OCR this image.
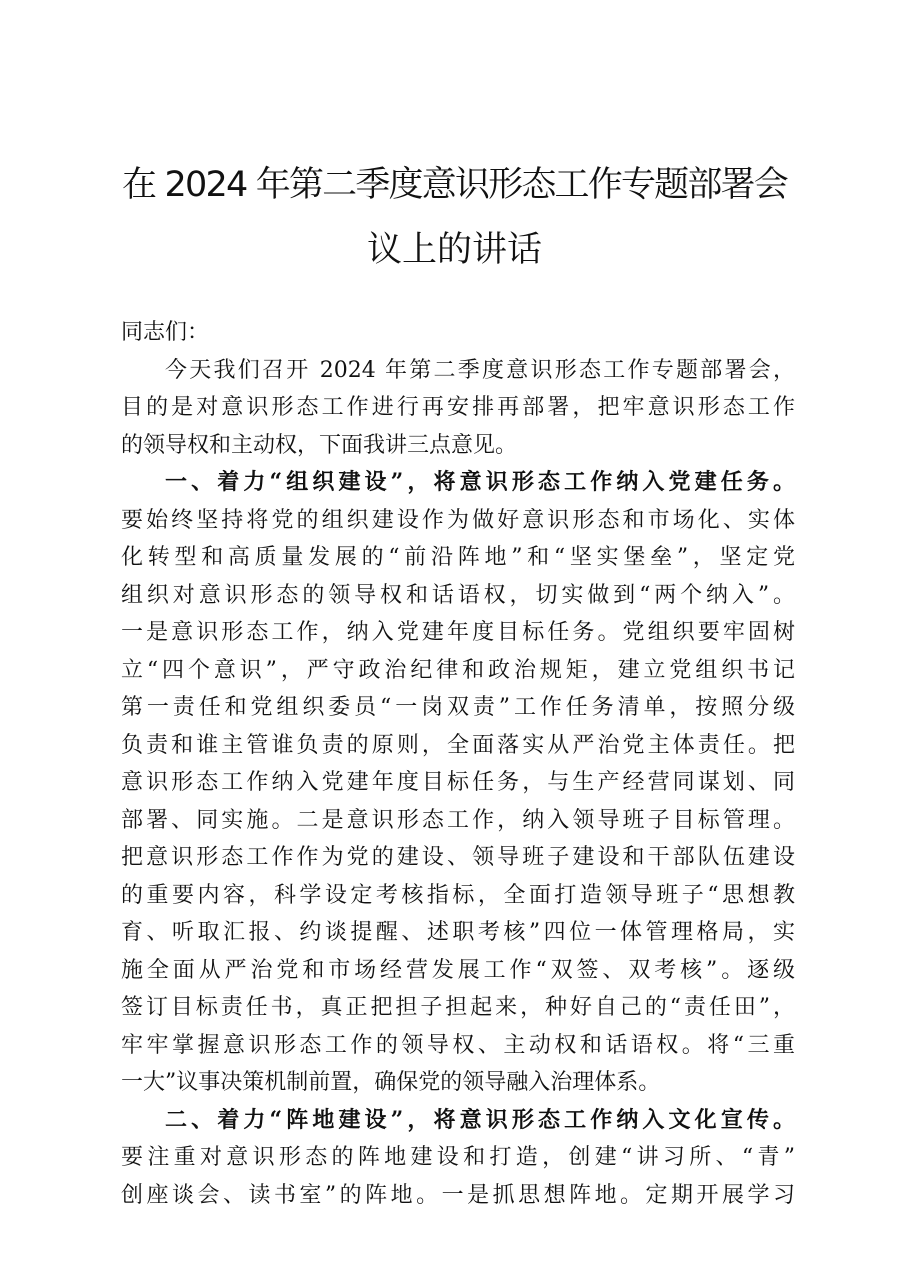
在 2024 年第二季度意识形态工作专题部署会
议上的讲话
同志们：
今天我们召开 2024 年第二季度意识形态工作专题部署会，
目的是对意识形态工作进行再安排再部署，把牢意识形态工作
的领导权和主动权，下面我讲三点意见。
一、着力“组织建设”，将意识形态工作纳入党建任务。
要始终坚持将党的组织建设作为做好意识形态和市场化、实体
化转型和高质量发展的“前沿阵地”和“坚实堡垒”，坚定党
组织对意识形态的领导权和话语权，切实做到“两个纳入”。
一是意识形态工作，纳入党建年度目标任务。党组织要牢固树
立“四个意识”，严守政治纪律和政治规矩，建立党组织书记
第一责任和党组织委员“一岗双责”工作任务清单，按照分级
负责和谁主管谁负责的原则，全面落实从严治党主体责任。把
意识形态工作纳入党建年度目标任务，与生产经营同谋划、同
部署、同实施。二是意识形态工作，纳入领导班子目标管理。
把意识形态工作作为党的建设、领导班子建设和干部队伍建设
的重要内容，科学设定考核指标，全面打造领导班子“思想教
育、听取汇报、约谈提醒、述职考核”四位一体管理格局，实
施全面从严治党和市场经营发展工作“双签、双考核”。逐级
签订目标责任书，真正把担子担起来，种好自己的“责任田”，
牢牢掌握意识形态工作的领导权、主动权和话语权。将“三重
一大”议事决策机制前置，确保党的领导融入治理体系。
二、着力“阵地建设”，将意识形态工作纳入文化宣传。
要注重对意识形态的阵地建设和打造，创建“讲习所、“青”
创座谈会、读书室”的阵地。一是抓思想阵地。定期开展学习
